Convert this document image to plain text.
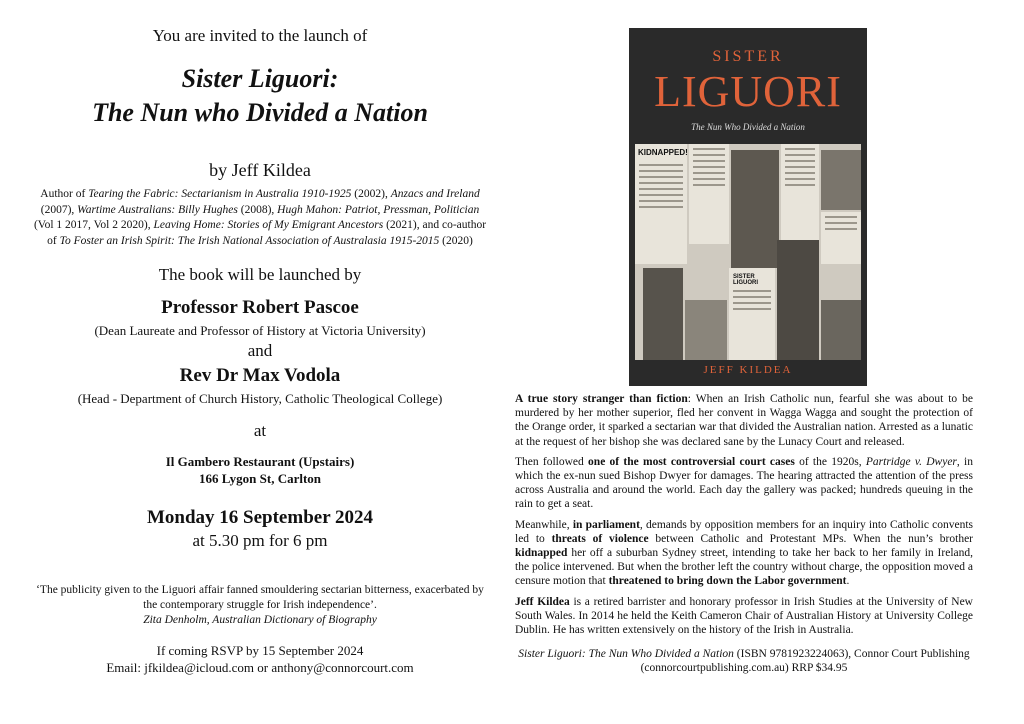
You are invited to the launch of
Sister Liguori:
The Nun who Divided a Nation
by Jeff Kildea
Author of Tearing the Fabric: Sectarianism in Australia 1910-1925 (2002), Anzacs and Ireland (2007), Wartime Australians: Billy Hughes (2008), Hugh Mahon: Patriot, Pressman, Politician (Vol 1 2017, Vol 2 2020), Leaving Home: Stories of My Emigrant Ancestors (2021), and co-author of To Foster an Irish Spirit: The Irish National Association of Australasia 1915-2015 (2020)
The book will be launched by
Professor Robert Pascoe
(Dean Laureate and Professor of History at Victoria University)
and
Rev Dr Max Vodola
(Head - Department of Church History, Catholic Theological College)
at
Il Gambero Restaurant (Upstairs)
166 Lygon St, Carlton
Monday 16 September 2024
at 5.30 pm for 6 pm
‘The publicity given to the Liguori affair fanned smouldering sectarian bitterness, exacerbated by the contemporary struggle for Irish independence’.
Zita Denholm, Australian Dictionary of Biography
If coming RSVP by 15 September 2024
Email: jfkildea@icloud.com or anthony@connorcourt.com
SISTER
LIGUORI
The Nun Who Divided a Nation
KIDNAPPED!
SISTER LIGUORI
JEFF KILDEA

A true story stranger than fiction: When an Irish Catholic nun, fearful she was about to be murdered by her mother superior, fled her convent in Wagga Wagga and sought the protection of the Orange order, it sparked a sectarian war that divided the Australian nation. Arrested as a lunatic at the request of her bishop she was declared sane by the Lunacy Court and released.

Then followed one of the most controversial court cases of the 1920s, Partridge v. Dwyer, in which the ex-nun sued Bishop Dwyer for damages. The hearing attracted the attention of the press across Australia and around the world. Each day the gallery was packed; hundreds queuing in the rain to get a seat.

Meanwhile, in parliament, demands by opposition members for an inquiry into Catholic convents led to threats of violence between Catholic and Protestant MPs. When the nun’s brother kidnapped her off a suburban Sydney street, intending to take her back to her family in Ireland, the police intervened. But when the brother left the country without charge, the opposition moved a censure motion that threatened to bring down the Labor government.

Jeff Kildea is a retired barrister and honorary professor in Irish Studies at the University of New South Wales. In 2014 he held the Keith Cameron Chair of Australian History at University College Dublin. He has written extensively on the history of the Irish in Australia.

Sister Liguori: The Nun Who Divided a Nation (ISBN 9781923224063), Connor Court Publishing (connorcourtpublishing.com.au) RRP $34.95
